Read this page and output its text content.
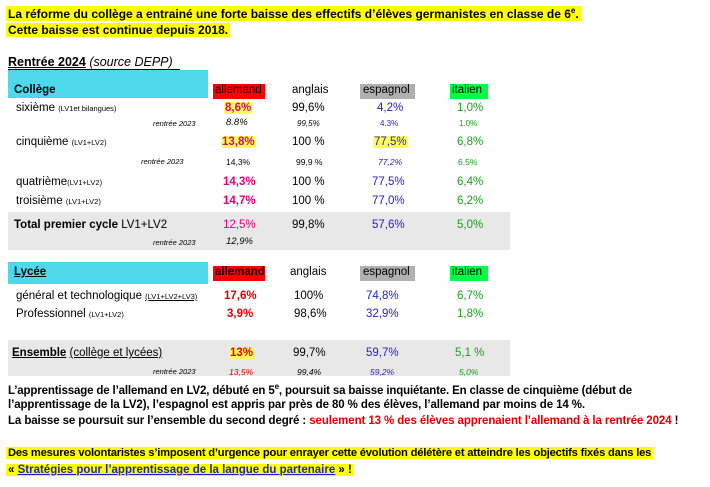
La réforme du collège a entrainé une forte baisse des effectifs d’élèves germanistes en classe de 6e.
Cette baisse est continue depuis 2018.
Rentrée 2024 (source DEPP)
Collège	allemand	anglais	espagnol	italien
sixième (LV1et bilangues)	8,6%	99,6%	4,2%	1,0%
rentrée 2023	8.8%	99,5%	4.3%	1.0%
cinquième (LV1+LV2)	13,8%	100 %	77,5%	6,8%
rentrée 2023	14,3%	99,9 %	77,2%	6.5%
quatrième(LV1+LV2)	14,3%	100 %	77,5%	6,4%
troisième (LV1+LV2)	14,7%	100 %	77,0%	6,2%
Total premier cycle LV1+LV2	12,5%	99,8%	57,6%	5,0%
rentrée 2023	12,9%
Lycée	allemand anglais	espagnol	italien
général et technologique (LV1+LV2+LV3) 17,6%	100%	74,8%	6,7%
Professionnel (LV1+LV2)	3,9%	98,6%	32,9%	1,8%
Ensemble (collège et lycées)	13%	99,7%	59,7%	5,1 %
rentrée 2023	13,5%	99,4%	59,2%	5,0%
L’apprentissage de l’allemand en LV2, débuté en 5e, poursuit sa baisse inquiétante. En classe de cinquième (début de
l’apprentissage de la LV2), l’espagnol est appris par près de 80 % des élèves, l’allemand par moins de 14 %.
La baisse se poursuit sur l’ensemble du second degré : seulement 13 % des élèves apprenaient l’allemand à la rentrée 2024 !
Des mesures volontaristes s’imposent d’urgence pour enrayer cette évolution délétère et atteindre les objectifs fixés dans les
« Stratégies pour l’apprentissage de la langue du partenaire » !
